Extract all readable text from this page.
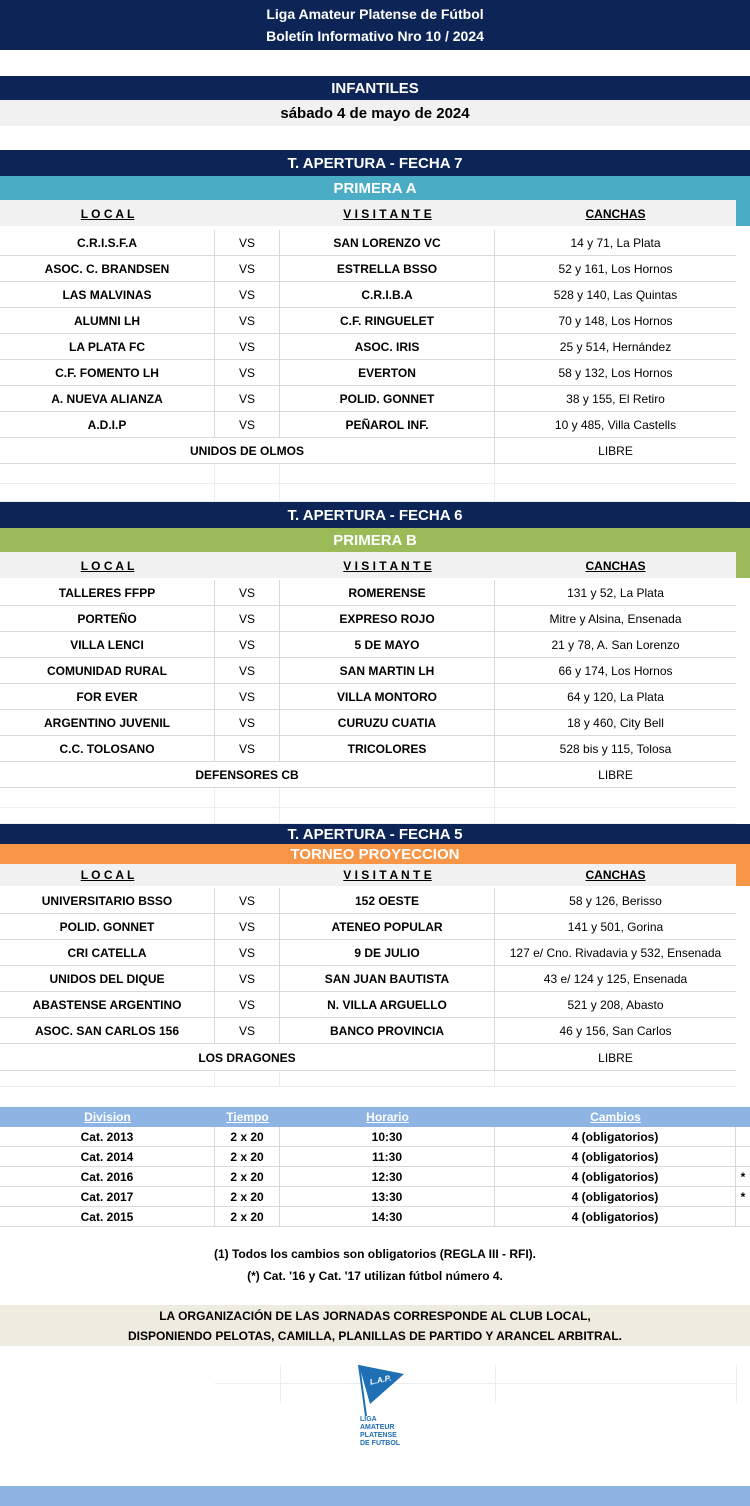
Liga Amateur Platense de Fútbol
Boletín Informativo Nro 10 / 2024
INFANTILES
sábado 4 de mayo de 2024
T. APERTURA - FECHA 7
PRIMERA A
L O C A L	V I S I T A N T E	CANCHAS
C.R.I.S.F.A	VS	SAN LORENZO VC	14 y 71, La Plata
ASOC. C. BRANDSEN	VS	ESTRELLA BSSO	52 y 161, Los Hornos
LAS MALVINAS	VS	C.R.I.B.A	528 y 140, Las Quintas
ALUMNI LH	VS	C.F. RINGUELET	70 y 148, Los Hornos
LA PLATA FC	VS	ASOC. IRIS	25 y 514, Hernández
C.F. FOMENTO LH	VS	EVERTON	58 y 132, Los Hornos
A. NUEVA ALIANZA	VS	POLID. GONNET	38 y 155, El Retiro
A.D.I.P	VS	PEÑAROL INF.	10 y 485, Villa Castells
UNIDOS DE OLMOS	LIBRE
T. APERTURA - FECHA 6
PRIMERA B
L O C A L	V I S I T A N T E	CANCHAS
TALLERES FFPP	VS	ROMERENSE	131 y 52, La Plata
PORTEÑO	VS	EXPRESO ROJO	Mitre y Alsina, Ensenada
VILLA LENCI	VS	5 DE MAYO	21 y 78, A. San Lorenzo
COMUNIDAD RURAL	VS	SAN MARTIN LH	66 y 174, Los Hornos
FOR EVER	VS	VILLA MONTORO	64 y 120, La Plata
ARGENTINO JUVENIL	VS	CURUZU CUATIA	18 y 460, City Bell
C.C. TOLOSANO	VS	TRICOLORES	528 bis y 115, Tolosa
DEFENSORES CB	LIBRE
T. APERTURA - FECHA 5
TORNEO PROYECCION
L O C A L	V I S I T A N T E	CANCHAS
UNIVERSITARIO BSSO	VS	152 OESTE	58 y 126, Berisso
POLID. GONNET	VS	ATENEO POPULAR	141 y 501, Gorina
CRI CATELLA	VS	9 DE JULIO	127 e/ Cno. Rivadavia y 532, Ensenada
UNIDOS DEL DIQUE	VS	SAN JUAN BAUTISTA	43 e/ 124 y 125, Ensenada
ABASTENSE ARGENTINO	VS	N. VILLA ARGUELLO	521 y 208, Abasto
ASOC. SAN CARLOS 156	VS	BANCO PROVINCIA	46 y 156, San Carlos
LOS DRAGONES	LIBRE
Division	Tiempo	Horario	Cambios
Cat. 2013	2 x 20	10:30	4 (obligatorios)
Cat. 2014	2 x 20	11:30	4 (obligatorios)
Cat. 2016	2 x 20	12:30	4 (obligatorios)	*
Cat. 2017	2 x 20	13:30	4 (obligatorios)	*
Cat. 2015	2 x 20	14:30	4 (obligatorios)
(1) Todos los cambios son obligatorios (REGLA III - RFI).
(*) Cat. '16 y Cat. '17 utilizan fútbol número 4.
LA ORGANIZACIÓN DE LAS JORNADAS CORRESPONDE AL CLUB LOCAL,
DISPONIENDO PELOTAS, CAMILLA, PLANILLAS DE PARTIDO Y ARANCEL ARBITRAL.
L.A.P.
LIGA
AMATEUR
PLATENSE
DE FUTBOL
